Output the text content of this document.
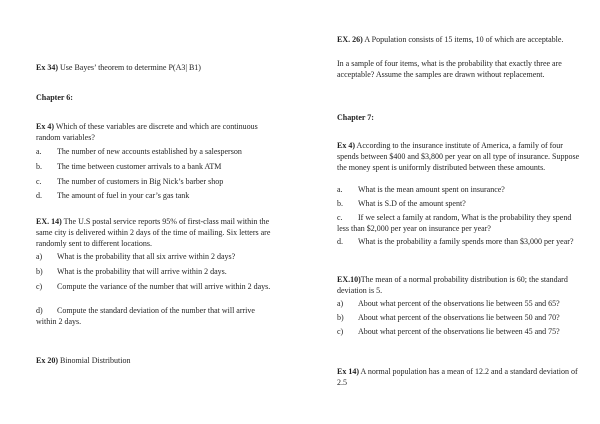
Ex 34) Use Bayes’ theorem to determine P(A3| B1)

Chapter 6:

Ex 4) Which of these variables are discrete and which are continuous random variables?

a. The number of new accounts established by a salesperson

b. The time between customer arrivals to a bank ATM

c. The number of customers in Big Nick’s barber shop

d. The amount of fuel in your car’s gas tank

EX. 14) The U.S postal service reports 95% of first-class mail within the same city is delivered within 2 days of the time of mailing. Six letters are randomly sent to different locations.

a) What is the probability that all six arrive within 2 days?

b) What is the probability that will arrive within 2 days.

c) Compute the variance of the number that will arrive within 2 days.

d) Compute the standard deviation of the number that will arrive within 2 days.

Ex 20) Binomial Distribution

EX. 26) A Population consists of 15 items, 10 of which are acceptable.

In a sample of four items, what is the probability that exactly three are acceptable? Assume the samples are drawn without replacement.

Chapter 7:

Ex 4) According to the insurance institute of America, a family of four spends between $400 and $3,800 per year on all type of insurance. Suppose the money spent is uniformly distributed between these amounts.

a. What is the mean amount spent on insurance?

b. What is S.D of the amount spent?

c. If we select a family at random, What is the probability they spend less than $2,000 per year on insurance per year?

d. What is the probability a family spends more than $3,000 per year?

EX.10)The mean of a normal probability distribution is 60; the standard deviation is 5.

a) About what percent of the observations lie between 55 and 65?

b) About what percent of the observations lie between 50 and 70?

c) About what percent of the observations lie between 45 and 75?

Ex 14) A normal population has a mean of 12.2 and a standard deviation of 2.5
